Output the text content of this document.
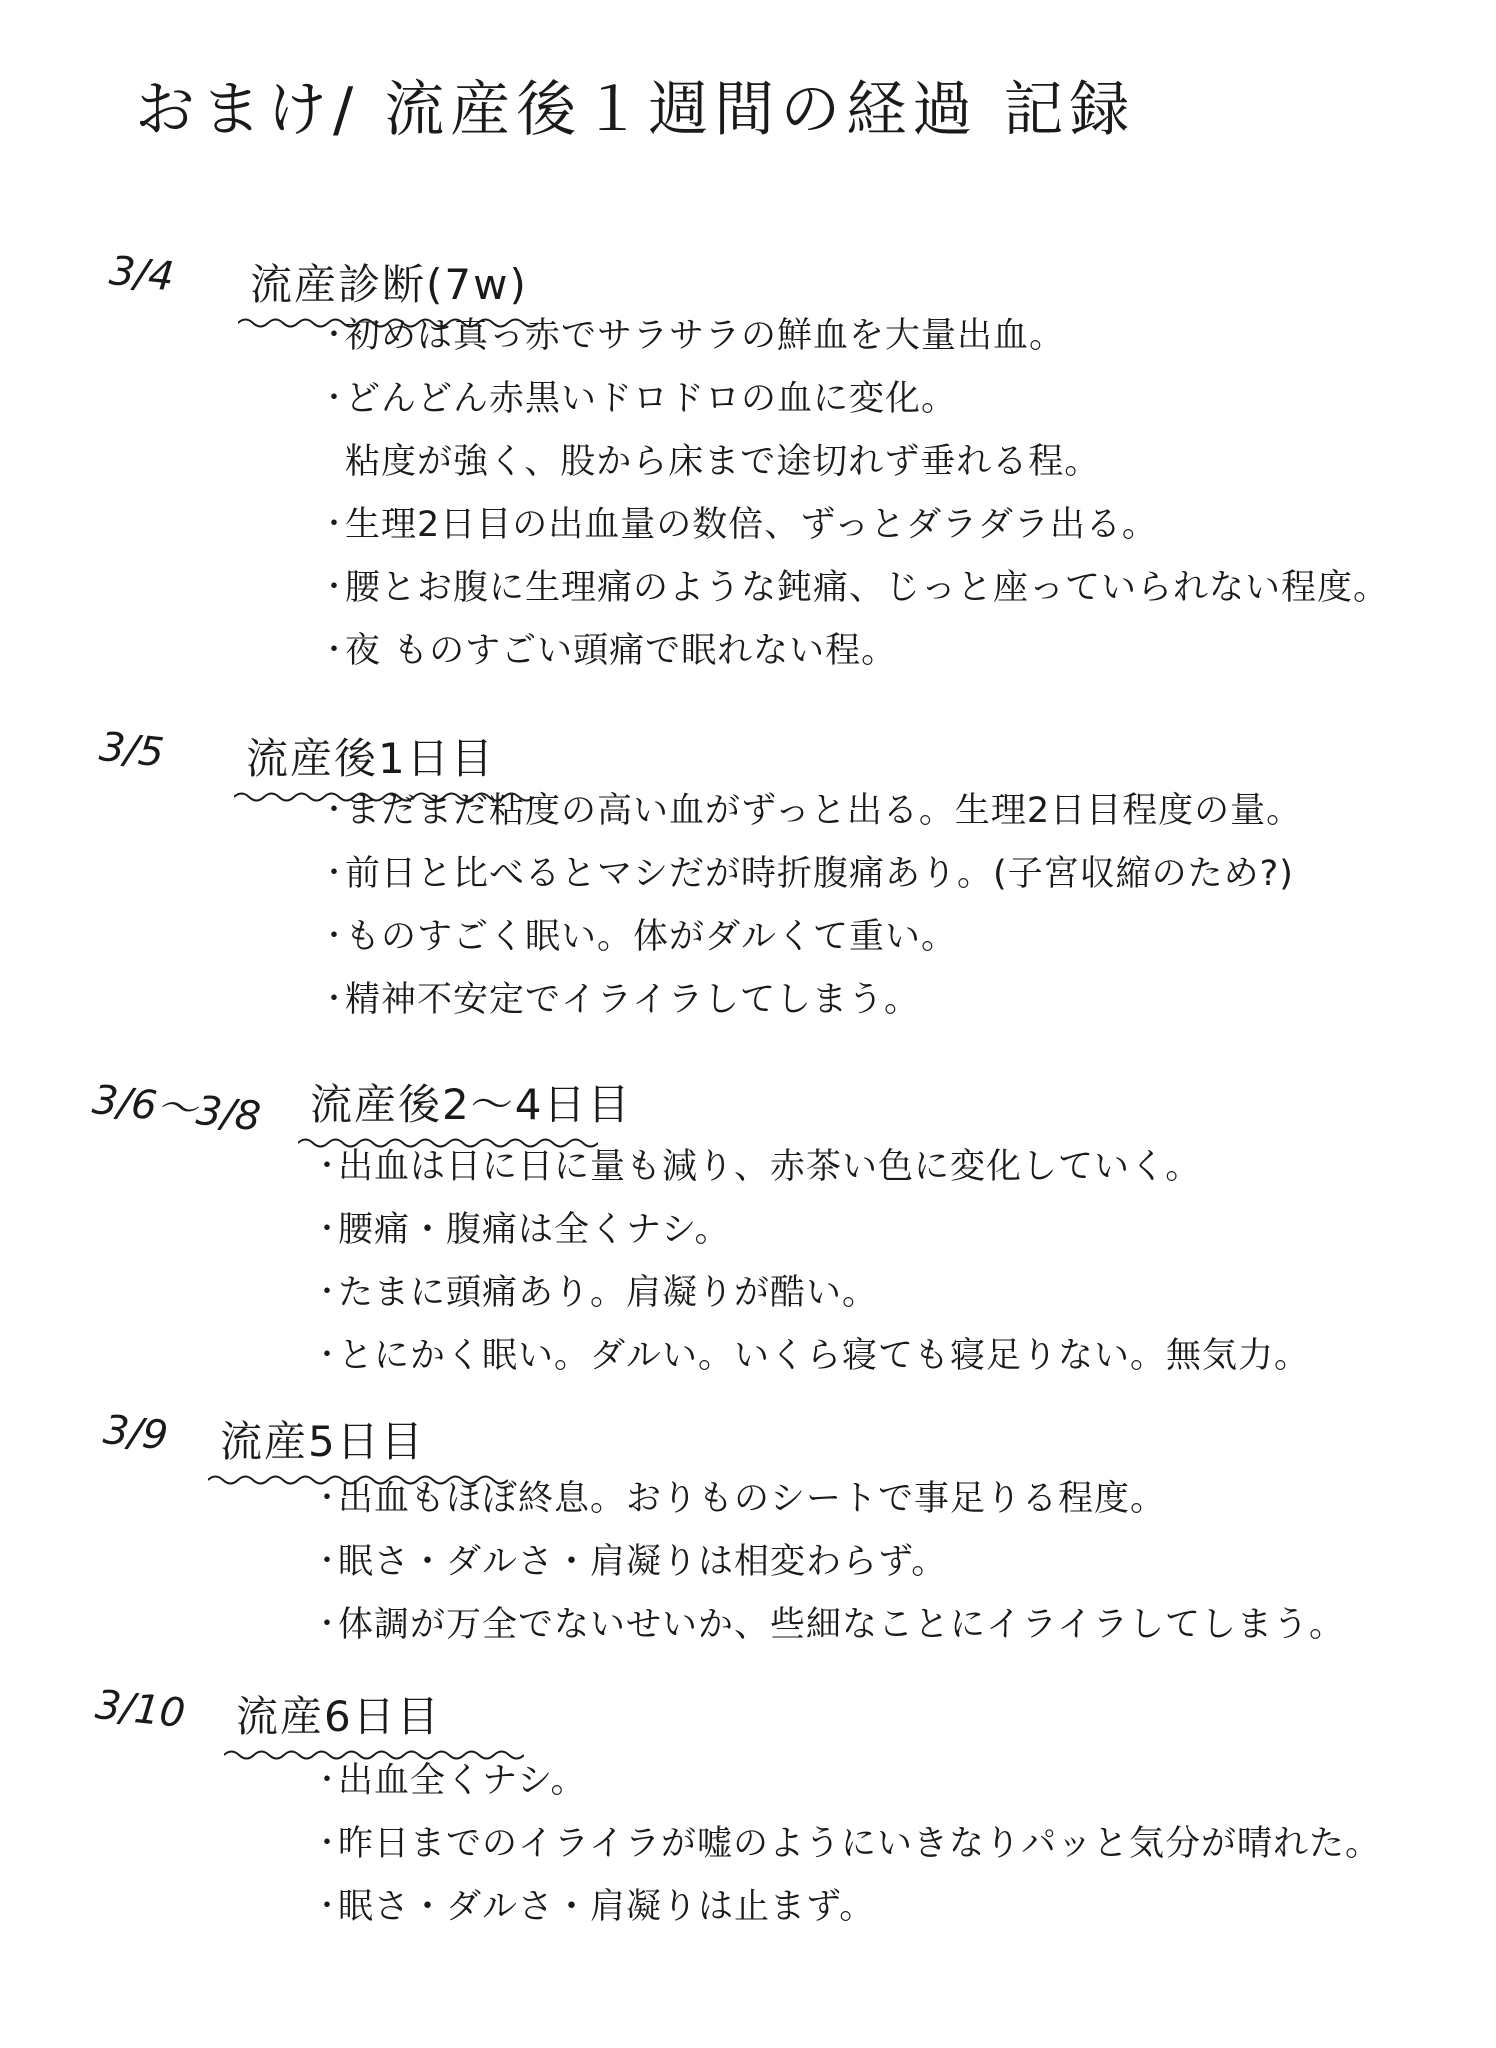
おまけ/ 流産後１週間の経過 記録
3/4 流産診断(7w)
・
初めは真っ赤でサラサラの鮮血を大量出血。
・
どんどん赤黒いドロドロの血に変化。
粘度が強く、股から床まで途切れず垂れる程。
・
生理2日目の出血量の数倍、ずっとダラダラ出る。
・
腰とお腹に生理痛のような鈍痛、じっと座っていられない程度。
・
夜 ものすごい頭痛で眠れない程。
3/5 流産後1日目
・
まだまだ粘度の高い血がずっと出る。生理2日目程度の量。
・
前日と比べるとマシだが時折腹痛あり。(子宮収縮のため?)
・
ものすごく眠い。体がダルくて重い。
・
精神不安定でイライラしてしまう。
3/6〜3/8 流産後2〜4日目
・
出血は日に日に量も減り、赤茶い色に変化していく。
・
腰痛・腹痛は全くナシ。
・
たまに頭痛あり。肩凝りが酷い。
・
とにかく眠い。ダルい。いくら寝ても寝足りない。無気力。
3/9 流産5日目
・
出血もほぼ終息。おりものシートで事足りる程度。
・
眠さ・ダルさ・肩凝りは相変わらず。
・
体調が万全でないせいか、些細なことにイライラしてしまう。
3/10 流産6日目
・
出血全くナシ。
・
昨日までのイライラが嘘のようにいきなりパッと気分が晴れた。
・
眠さ・ダルさ・肩凝りは止まず。
